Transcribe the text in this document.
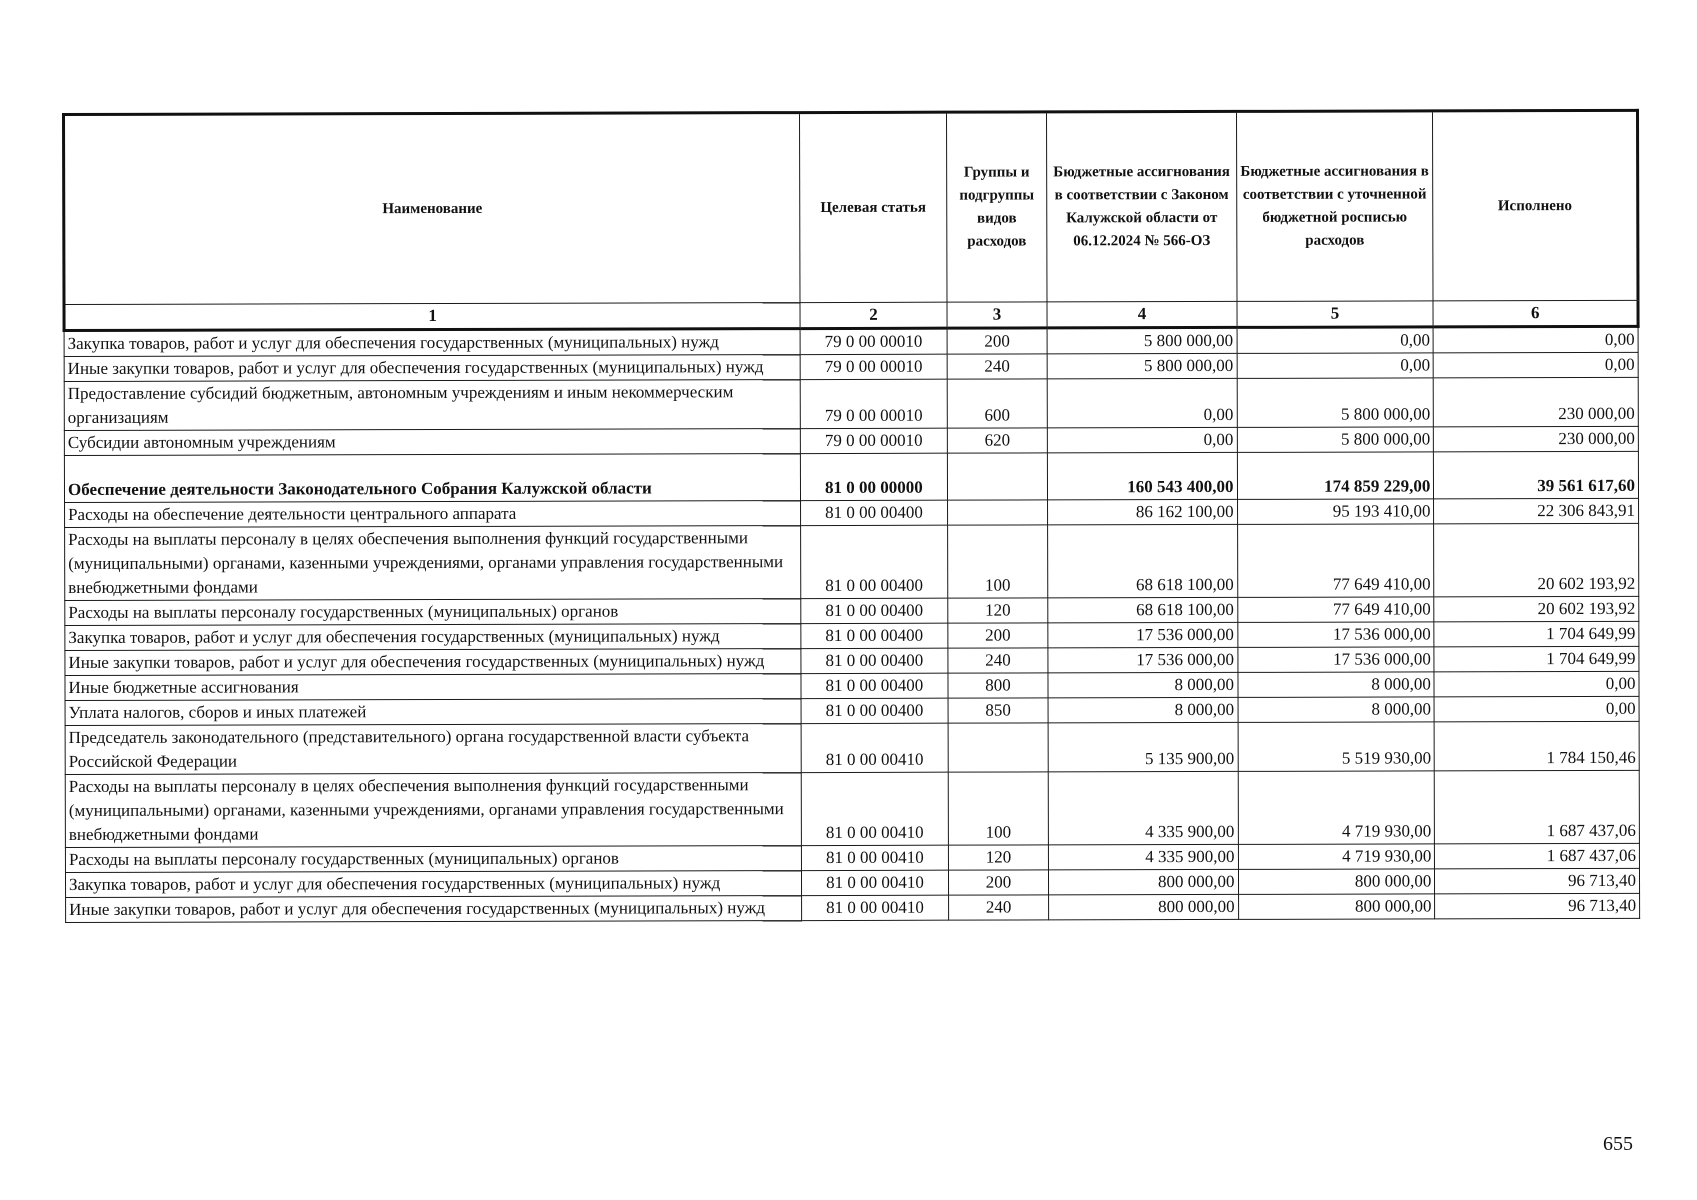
Наименование	Целевая статья	Группы и подгруппы видов расходов	Бюджетные ассигнования в соответствии с Законом Калужской области от 06.12.2024 № 566-ОЗ	Бюджетные ассигнования в соответствии с уточненной бюджетной росписью расходов	Исполнено
1	2	3	4	5	6
Закупка товаров, работ и услуг для обеспечения государственных (муниципальных) нужд	79 0 00 00010	200	5 800 000,00	0,00	0,00
Иные закупки товаров, работ и услуг для обеспечения государственных (муниципальных) нужд	79 0 00 00010	240	5 800 000,00	0,00	0,00
Предоставление субсидий бюджетным, автономным учреждениям и иным некоммерческим организациям	79 0 00 00010	600	0,00	5 800 000,00	230 000,00
Субсидии автономным учреждениям	79 0 00 00010	620	0,00	5 800 000,00	230 000,00
Обеспечение деятельности Законодательного Собрания Калужской области	81 0 00 00000		160 543 400,00	174 859 229,00	39 561 617,60
Расходы на обеспечение деятельности центрального аппарата	81 0 00 00400		86 162 100,00	95 193 410,00	22 306 843,91
Расходы на выплаты персоналу в целях обеспечения выполнения функций государственными (муниципальными) органами, казенными учреждениями, органами управления государственными внебюджетными фондами	81 0 00 00400	100	68 618 100,00	77 649 410,00	20 602 193,92
Расходы на выплаты персоналу государственных (муниципальных) органов	81 0 00 00400	120	68 618 100,00	77 649 410,00	20 602 193,92
Закупка товаров, работ и услуг для обеспечения государственных (муниципальных) нужд	81 0 00 00400	200	17 536 000,00	17 536 000,00	1 704 649,99
Иные закупки товаров, работ и услуг для обеспечения государственных (муниципальных) нужд	81 0 00 00400	240	17 536 000,00	17 536 000,00	1 704 649,99
Иные бюджетные ассигнования	81 0 00 00400	800	8 000,00	8 000,00	0,00
Уплата налогов, сборов и иных платежей	81 0 00 00400	850	8 000,00	8 000,00	0,00
Председатель законодательного (представительного) органа государственной власти субъекта Российской Федерации	81 0 00 00410		5 135 900,00	5 519 930,00	1 784 150,46
Расходы на выплаты персоналу в целях обеспечения выполнения функций государственными (муниципальными) органами, казенными учреждениями, органами управления государственными внебюджетными фондами	81 0 00 00410	100	4 335 900,00	4 719 930,00	1 687 437,06
Расходы на выплаты персоналу государственных (муниципальных) органов	81 0 00 00410	120	4 335 900,00	4 719 930,00	1 687 437,06
Закупка товаров, работ и услуг для обеспечения государственных (муниципальных) нужд	81 0 00 00410	200	800 000,00	800 000,00	96 713,40
Иные закупки товаров, работ и услуг для обеспечения государственных (муниципальных) нужд	81 0 00 00410	240	800 000,00	800 000,00	96 713,40
655
